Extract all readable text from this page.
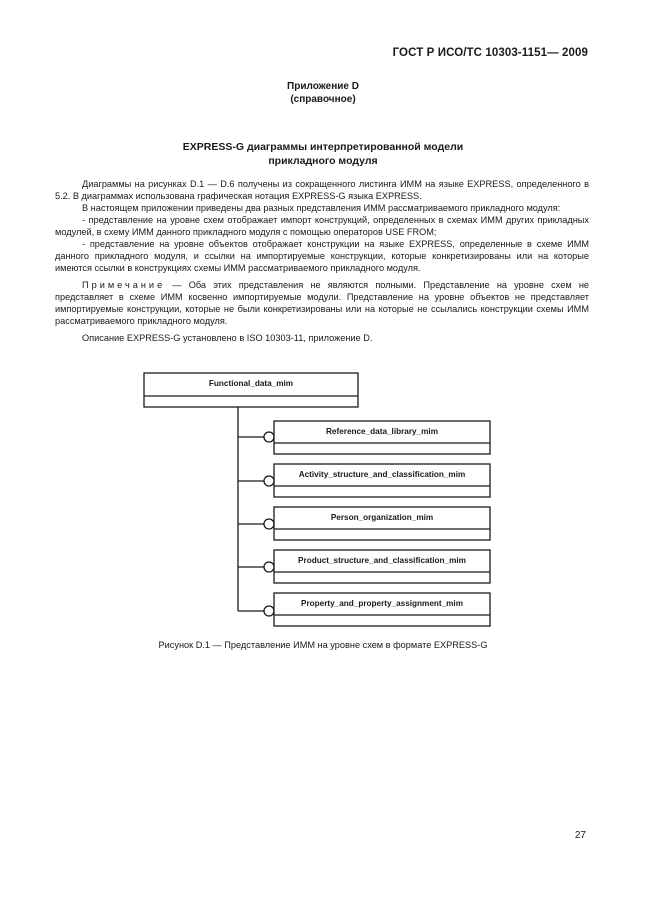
ГОСТ Р ИСО/ТС 10303-1151— 2009
Приложение D
(справочное)
EXPRESS-G диаграммы интерпретированной модели
прикладного модуля

Диаграммы на рисунках D.1 — D.6 получены из сокращенного листинга ИММ на языке EXPRESS, определенного в 5.2. В диаграммах использована графическая нотация EXPRESS-G языка EXPRESS.

В настоящем приложении приведены два разных представления ИММ рассматриваемого прикладного модуля:

- представление на уровне схем отображает импорт конструкций, определенных в схемах ИММ других прикладных модулей, в схему ИММ данного прикладного модуля с помощью операторов USE FROM;

- представление на уровне объектов отображает конструкции на языке EXPRESS, определенные в схеме ИММ данного прикладного модуля, и ссылки на импортируемые конструкции, которые конкретизированы или на которые имеются ссылки в конструкциях схемы ИММ рассматриваемого прикладного модуля.

Примечание — Оба этих представления не являются полными. Представление на уровне схем не представляет в схеме ИММ косвенно импортируемые модули. Представление на уровне объектов не представляет импортируемые конструкции, которые не были конкретизированы или на которые не ссылались конструкции схемы ИММ рассматриваемого прикладного модуля.

Описание EXPRESS-G установлено в ISO 10303-11, приложение D.

Functional_data_mim
Reference_data_library_mim
Activity_structure_and_classification_mim
Person_organization_mim
Product_structure_and_classification_mim
Property_and_property_assignment_mim
Рисунок D.1 — Представление ИММ на уровне схем в формате EXPRESS-G
27
